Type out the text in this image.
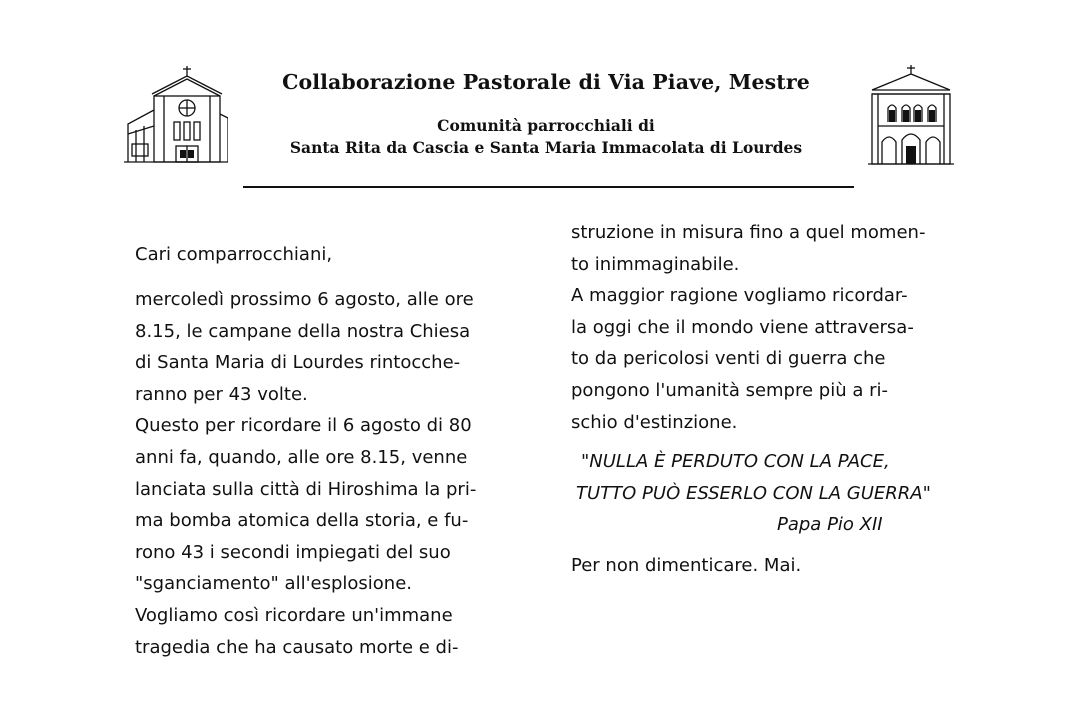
Collaborazione Pastorale di Via Piave, Mestre

Comunità parrocchiali di

Santa Rita da Cascia e Santa Maria Immacolata di Lourdes

Cari comparrocchiani,

mercoledì prossimo 6 agosto, alle ore

8.15, le campane della nostra Chiesa

di Santa Maria di Lourdes rintocche-

ranno per 43 volte.

Questo per ricordare il 6 agosto di 80

anni fa, quando, alle ore 8.15, venne

lanciata sulla città di Hiroshima la pri-

ma bomba atomica della storia, e fu-

rono 43 i secondi impiegati del suo

"sganciamento" all'esplosione.

Vogliamo così ricordare un'immane

tragedia che ha causato morte e di-

struzione in misura fino a quel momen-

to inimmaginabile.

A maggior ragione vogliamo ricordar-

la oggi che il mondo viene attraversa-

to da pericolosi venti di guerra che

pongono l'umanità sempre più a ri-

schio d'estinzione.

"NULLA È PERDUTO CON LA PACE,

TUTTO PUÒ ESSERLO CON LA GUERRA"

Papa Pio XII

Per non dimenticare. Mai.
